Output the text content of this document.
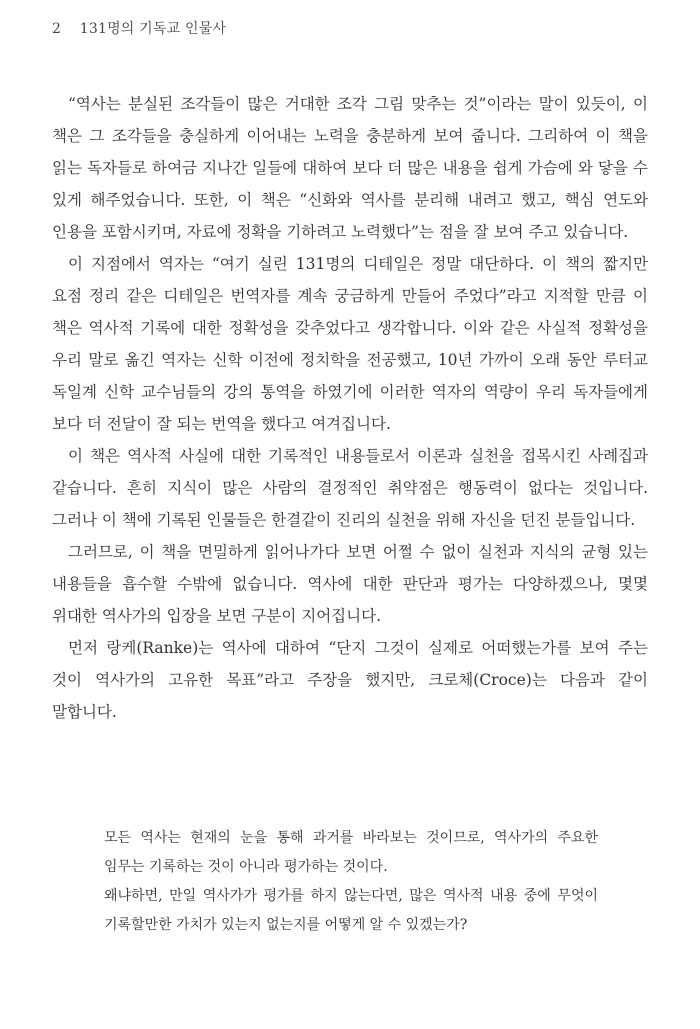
2 131명의 기독교 인물사

“역사는 분실된 조각들이 많은 거대한 조각 그림 맞추는 것”이라는 말이 있듯이, 이 책은 그 조각들을 충실하게 이어내는 노력을 충분하게 보여 줍니다. 그리하여 이 책을 읽는 독자들로 하여금 지나간 일들에 대하여 보다 더 많은 내용을 쉽게 가슴에 와 닿을 수 있게 해주었습니다. 또한, 이 책은 “신화와 역사를 분리해 내려고 했고, 핵심 연도와 인용을 포함시키며, 자료에 정확을 기하려고 노력했다”는 점을 잘 보여 주고 있습니다.

이 지점에서 역자는 “여기 실린 131명의 디테일은 정말 대단하다. 이 책의 짧지만 요점 정리 같은 디테일은 번역자를 계속 궁금하게 만들어 주었다”라고 지적할 만큼 이 책은 역사적 기록에 대한 정확성을 갖추었다고 생각합니다. 이와 같은 사실적 정확성을 우리 말로 옮긴 역자는 신학 이전에 정치학을 전공했고, 10년 가까이 오래 동안 루터교 독일계 신학 교수님들의 강의 통역을 하였기에 이러한 역자의 역량이 우리 독자들에게 보다 더 전달이 잘 되는 번역을 했다고 여겨집니다.

이 책은 역사적 사실에 대한 기록적인 내용들로서 이론과 실천을 접목시킨 사례집과 같습니다. 흔히 지식이 많은 사람의 결정적인 취약점은 행동력이 없다는 것입니다. 그러나 이 책에 기록된 인물들은 한결같이 진리의 실천을 위해 자신을 던진 분들입니다.

그러므로, 이 책을 면밀하게 읽어나가다 보면 어쩔 수 없이 실천과 지식의 균형 있는 내용들을 흡수할 수밖에 없습니다. 역사에 대한 판단과 평가는 다양하겠으나, 몇몇 위대한 역사가의 입장을 보면 구분이 지어집니다.

먼저 랑케(Ranke)는 역사에 대하여 “단지 그것이 실제로 어떠했는가를 보여 주는 것이 역사가의 고유한 목표”라고 주장을 했지만, 크로체(Croce)는 다음과 같이 말합니다.

모든 역사는 현재의 눈을 통해 과거를 바라보는 것이므로, 역사가의 주요한 임무는 기록하는 것이 아니라 평가하는 것이다.

왜냐하면, 만일 역사가가 평가를 하지 않는다면, 많은 역사적 내용 중에 무엇이 기록할만한 가치가 있는지 없는지를 어떻게 알 수 있겠는가?
